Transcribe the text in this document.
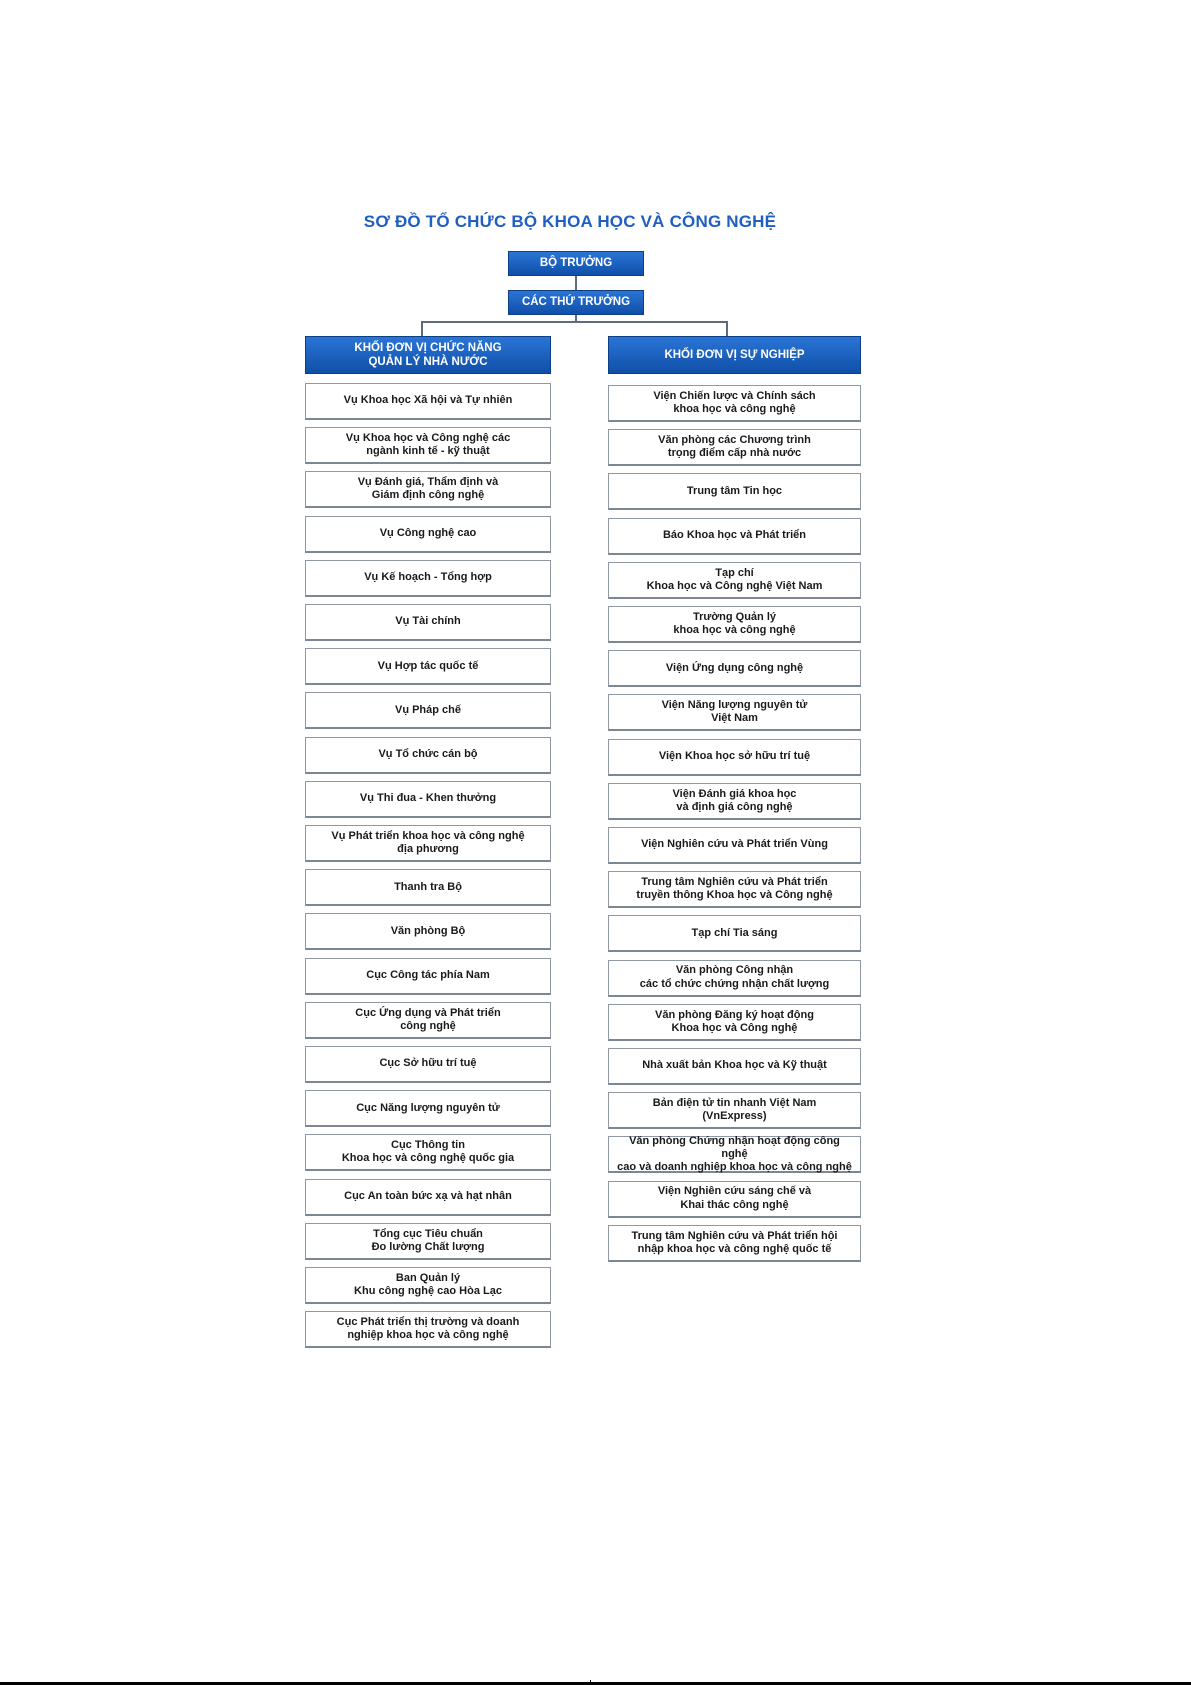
SƠ ĐỒ TỔ CHỨC BỘ KHOA HỌC VÀ CÔNG NGHỆ
BỘ TRƯỞNG
CÁC THỨ TRƯỞNG
KHỐI ĐƠN VỊ CHỨC NĂNG
QUẢN LÝ NHÀ NƯỚC
KHỐI ĐƠN VỊ SỰ NGHIỆP
Vụ Khoa học Xã hội và Tự nhiên
Vụ Khoa học và Công nghệ các
ngành kinh tế - kỹ thuật
Vụ Đánh giá, Thẩm định và
Giám định công nghệ
Vụ Công nghệ cao
Vụ Kế hoạch - Tổng hợp
Vụ Tài chính
Vụ Hợp tác quốc tế
Vụ Pháp chế
Vụ Tổ chức cán bộ
Vụ Thi đua - Khen thưởng
Vụ Phát triển khoa học và công nghệ
địa phương
Thanh tra Bộ
Văn phòng Bộ
Cục Công tác phía Nam
Cục Ứng dụng và Phát triển
công nghệ
Cục Sở hữu trí tuệ
Cục Năng lượng nguyên tử
Cục Thông tin
Khoa học và công nghệ quốc gia
Cục An toàn bức xạ và hạt nhân
Tổng cục Tiêu chuẩn
Đo lường Chất lượng
Ban Quản lý
Khu công nghệ cao Hòa Lạc
Cục Phát triển thị trường và doanh
nghiệp khoa học và công nghệ
Viện Chiến lược và Chính sách
khoa học và công nghệ
Văn phòng các Chương trình
trọng điểm cấp nhà nước
Trung tâm Tin học
Báo Khoa học và Phát triển
Tạp chí
Khoa học và Công nghệ Việt Nam
Trường Quản lý
khoa học và công nghệ
Viện Ứng dụng công nghệ
Viện Năng lượng nguyên tử
Việt Nam
Viện Khoa học sở hữu trí tuệ
Viện Đánh giá khoa học
và định giá công nghệ
Viện Nghiên cứu và Phát triển Vùng
Trung tâm Nghiên cứu và Phát triển
truyền thông Khoa học và Công nghệ
Tạp chí Tia sáng
Văn phòng Công nhận
các tổ chức chứng nhận chất lượng
Văn phòng Đăng ký hoạt động
Khoa học và Công nghệ
Nhà xuất bản Khoa học và Kỹ thuật
Bản điện tử tin nhanh Việt Nam
(VnExpress)
Văn phòng Chứng nhận hoạt động công nghệ
cao và doanh nghiệp khoa học và công nghệ
Viện Nghiên cứu sáng chế và
Khai thác công nghệ
Trung tâm Nghiên cứu và Phát triển hội
nhập khoa học và công nghệ quốc tế
